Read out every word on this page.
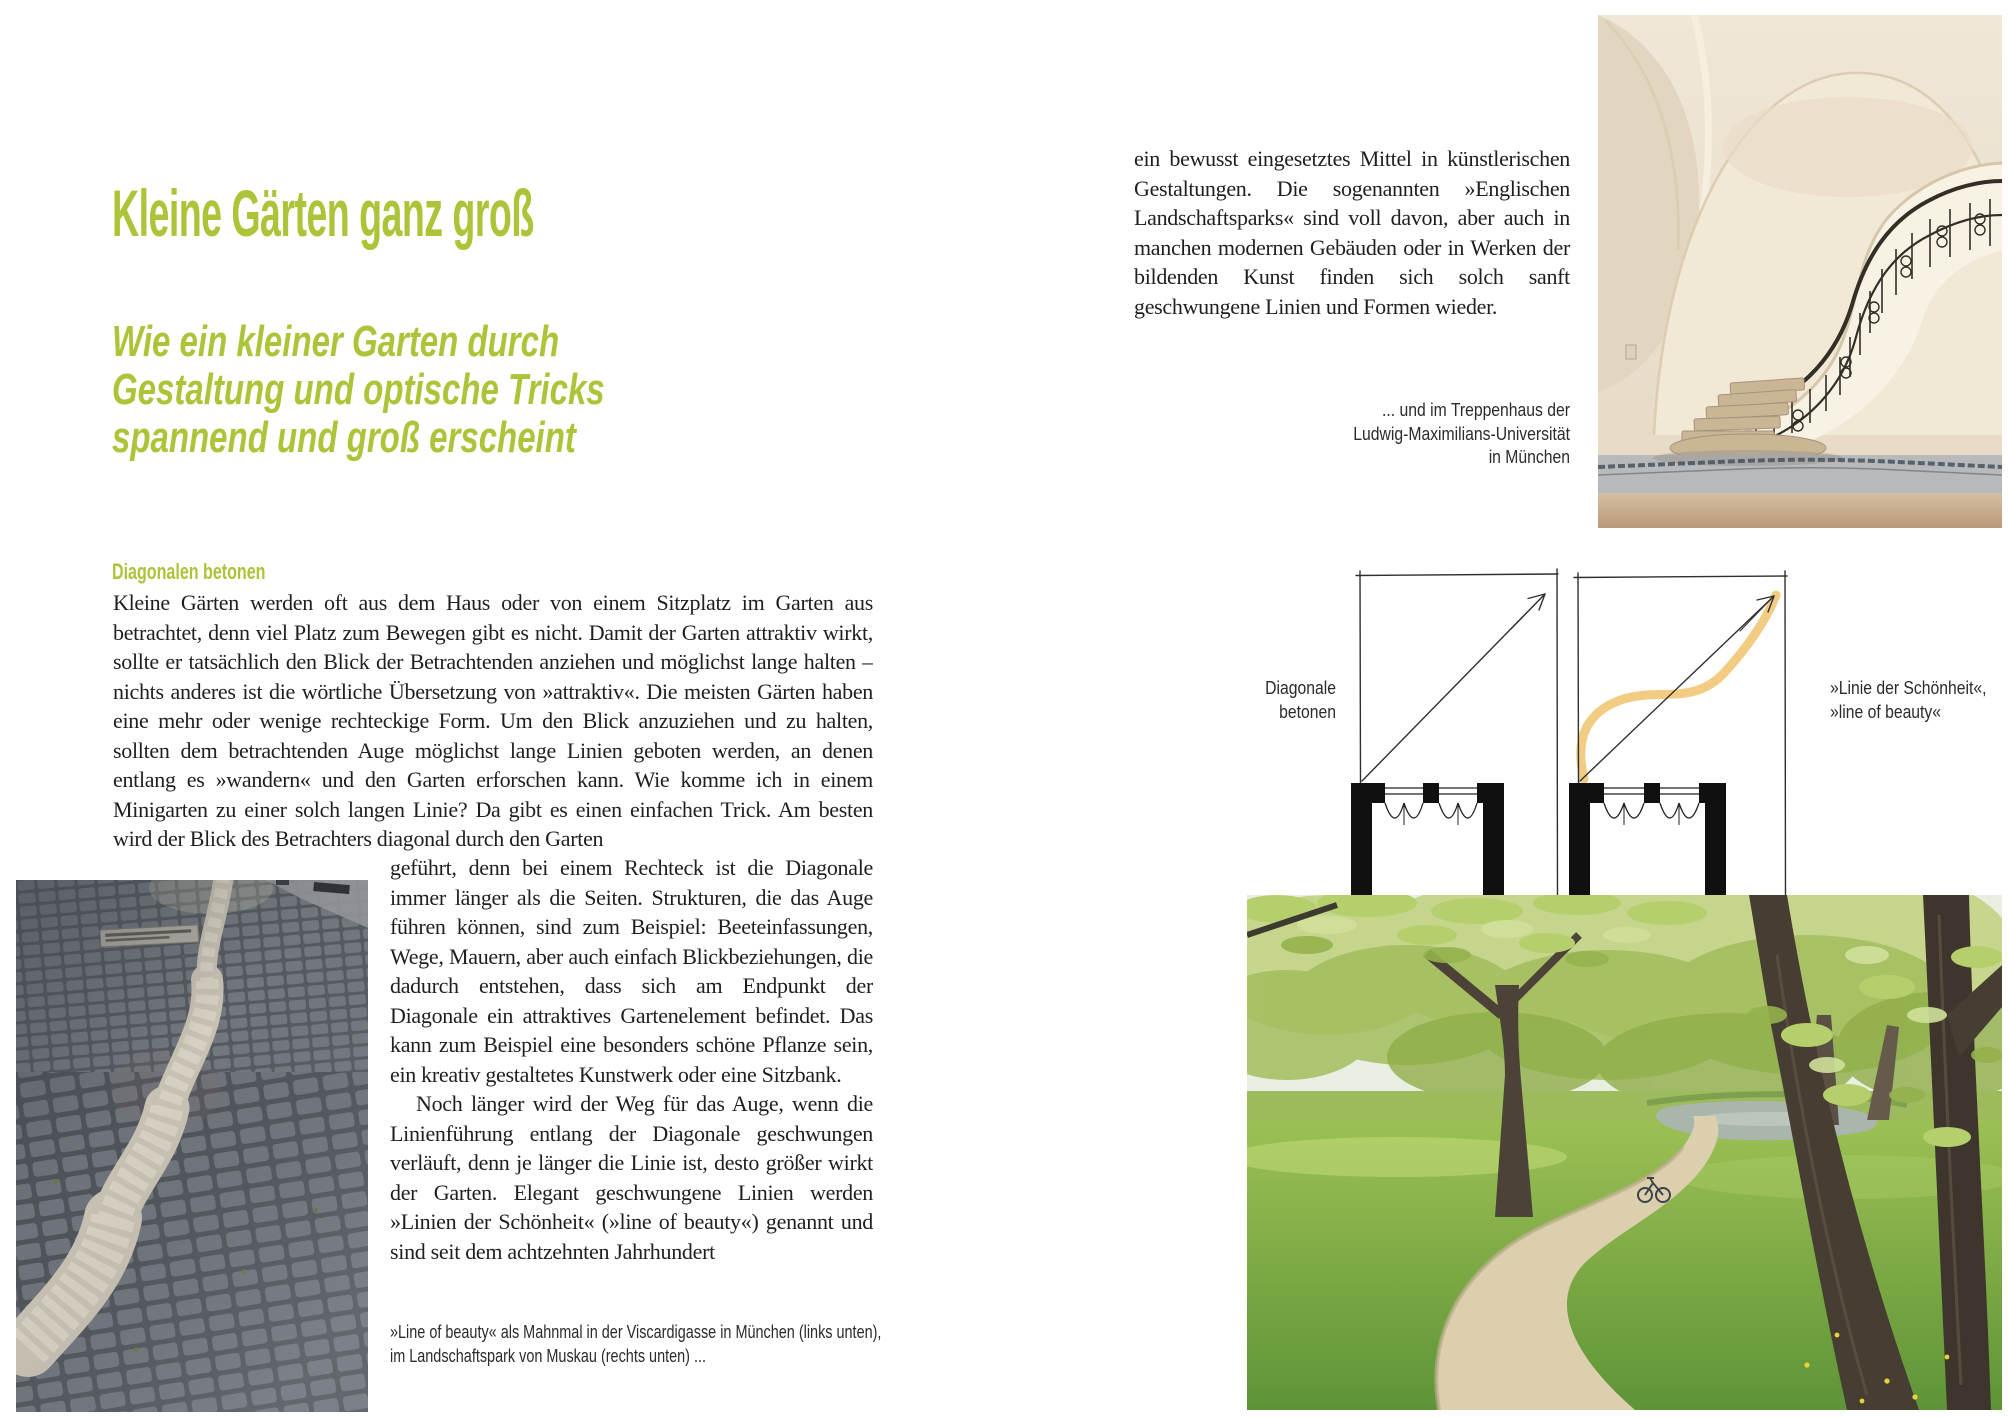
Kleine Gärten ganz groß
Wie ein kleiner Garten durch
Gestaltung und optische Tricks
spannend und groß erscheint
Diagonalen betonen
Kleine Gärten werden oft aus dem Haus oder von einem Sitzplatz im Garten aus betrachtet, denn viel Platz zum Bewegen gibt es nicht. Damit der Garten attraktiv wirkt, sollte er tatsächlich den Blick der Betrachtenden anziehen und möglichst lange halten – nichts anderes ist die wörtliche Übersetzung von »attraktiv«. Die meisten Gärten haben eine mehr oder wenige rechteckige Form. Um den Blick anzuziehen und zu halten, sollten dem betrachtenden Auge möglichst lange Linien geboten werden, an denen entlang es »wandern« und den Garten erforschen kann. Wie komme ich in einem Minigarten zu einer solch langen Linie? Da gibt es einen einfachen Trick. Am besten wird der Blick des Betrachters diagonal durch den Garten

geführt, denn bei einem Rechteck ist die Diagonale immer länger als die Seiten. Strukturen, die das Auge führen können, sind zum Beispiel: Beeteinfassungen, Wege, Mauern, aber auch einfach Blickbeziehungen, die dadurch entstehen, dass sich am Endpunkt der Diagonale ein attraktives Gartenelement befindet. Das kann zum Beispiel eine besonders schöne Pflanze sein, ein kreativ gestaltetes Kunstwerk oder eine Sitzbank.

Noch länger wird der Weg für das Auge, wenn die Linienführung entlang der Diagonale geschwungen verläuft, denn je länger die Linie ist, desto größer wirkt der Garten. Elegant geschwungene Linien werden »Linien der Schönheit« (»line of beauty«) genannt und sind seit dem achtzehnten Jahrhundert

»Line of beauty« als Mahnmal in der Viscardigasse in München (links unten),
im Landschaftspark von Muskau (rechts unten) ...
ein bewusst eingesetztes Mittel in künstlerischen Gestaltungen. Die sogenannten »Englischen Landschaftsparks« sind voll davon, aber auch in manchen modernen Gebäuden oder in Werken der bildenden Kunst finden sich solch sanft geschwungene Linien und Formen wieder.
... und im Treppenhaus der
Ludwig-Maximilians-Universität
in München
Diagonale
betonen
»Linie der Schönheit«,
»line of beauty«
